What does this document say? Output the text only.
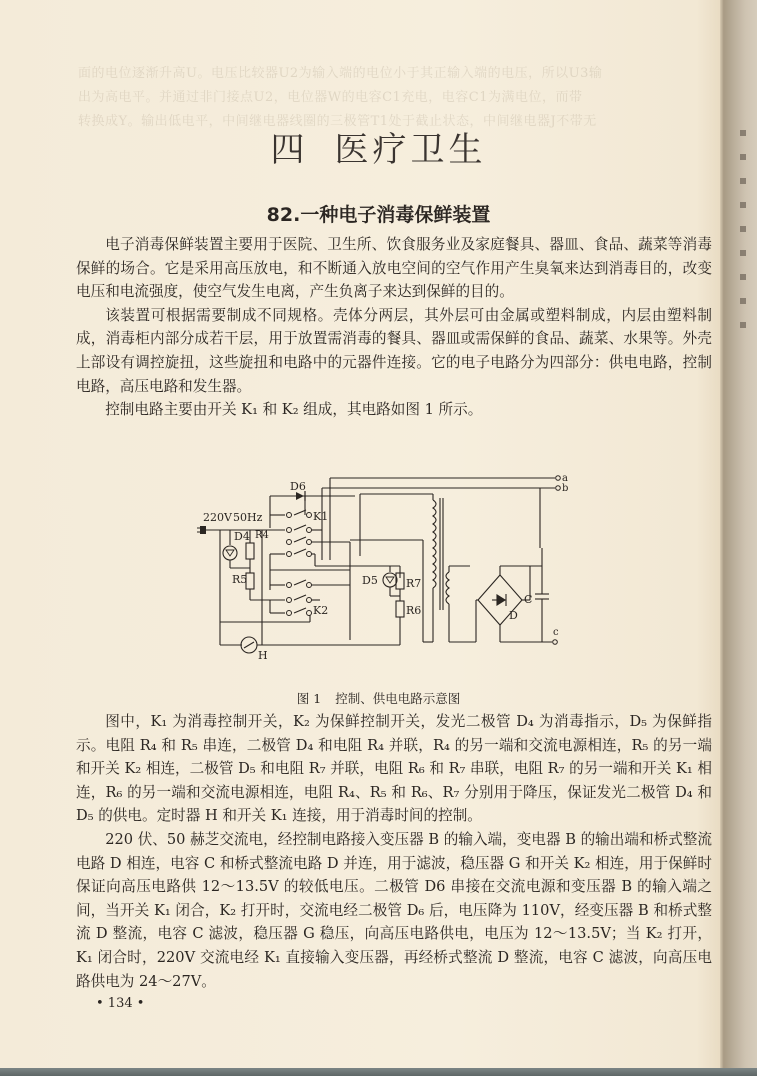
面的电位逐渐升高U。电压比较器U2为输入端的电位小于其正输入端的电压，所以U3输
出为高电平。并通过非门接点U2，电位器W的电容C1充电，电容C1为满电位，而带
转换成Y。输出低电平，中间继电器线圈的三极管T1处于截止状态，中间继电器J不带无
四 医疗卫生
82.一种电子消毒保鲜装置

电子消毒保鲜装置主要用于医院、卫生所、饮食服务业及家庭餐具、器皿、食品、蔬菜等消毒保鲜的场合。它是采用高压放电，和不断通入放电空间的空气作用产生臭氧来达到消毒目的，改变电压和电流强度，使空气发生电离，产生负离子来达到保鲜的目的。

该装置可根据需要制成不同规格。壳体分两层，其外层可由金属或塑料制成，内层由塑料制成，消毒柜内部分成若干层，用于放置需消毒的餐具、器皿或需保鲜的食品、蔬菜、水果等。外壳上部设有调控旋扭，这些旋扭和电路中的元器件连接。它的电子电路分为四部分：供电电路，控制电路，高压电路和发生器。

控制电路主要由开关 K₁ 和 K₂ 组成，其电路如图 1 所示。

220V 50Hz
D6
K1
K2
D4 R4
R5	D5	R7
R6
H
C
D
a
b
c
图 1 控制、供电电路示意图

图中，K₁ 为消毒控制开关，K₂ 为保鲜控制开关，发光二极管 D₄ 为消毒指示，D₅ 为保鲜指示。电阻 R₄ 和 R₅ 串连，二极管 D₄ 和电阻 R₄ 并联，R₄ 的另一端和交流电源相连，R₅ 的另一端和开关 K₂ 相连，二极管 D₅ 和电阻 R₇ 并联，电阻 R₆ 和 R₇ 串联，电阻 R₇ 的另一端和开关 K₁ 相连，R₆ 的另一端和交流电源相连，电阻 R₄、R₅ 和 R₆、R₇ 分别用于降压，保证发光二极管 D₄ 和 D₅ 的供电。定时器 H 和开关 K₁ 连接，用于消毒时间的控制。

220 伏、50 赫芝交流电，经控制电路接入变压器 B 的输入端，变电器 B 的输出端和桥式整流电路 D 相连，电容 C 和桥式整流电路 D 并连，用于滤波，稳压器 G 和开关 K₂ 相连，用于保鲜时保证向高压电路供 12～13.5V 的较低电压。二极管 D6 串接在交流电源和变压器 B 的输入端之间，当开关 K₁ 闭合，K₂ 打开时，交流电经二极管 D₆ 后，电压降为 110V，经变压器 B 和桥式整流 D 整流，电容 C 滤波，稳压器 G 稳压，向高压电路供电，电压为 12～13.5V；当 K₂ 打开，K₁ 闭合时，220V 交流电经 K₁ 直接输入变压器，再经桥式整流 D 整流，电容 C 滤波，向高压电路供电为 24～27V。

• 134 •
